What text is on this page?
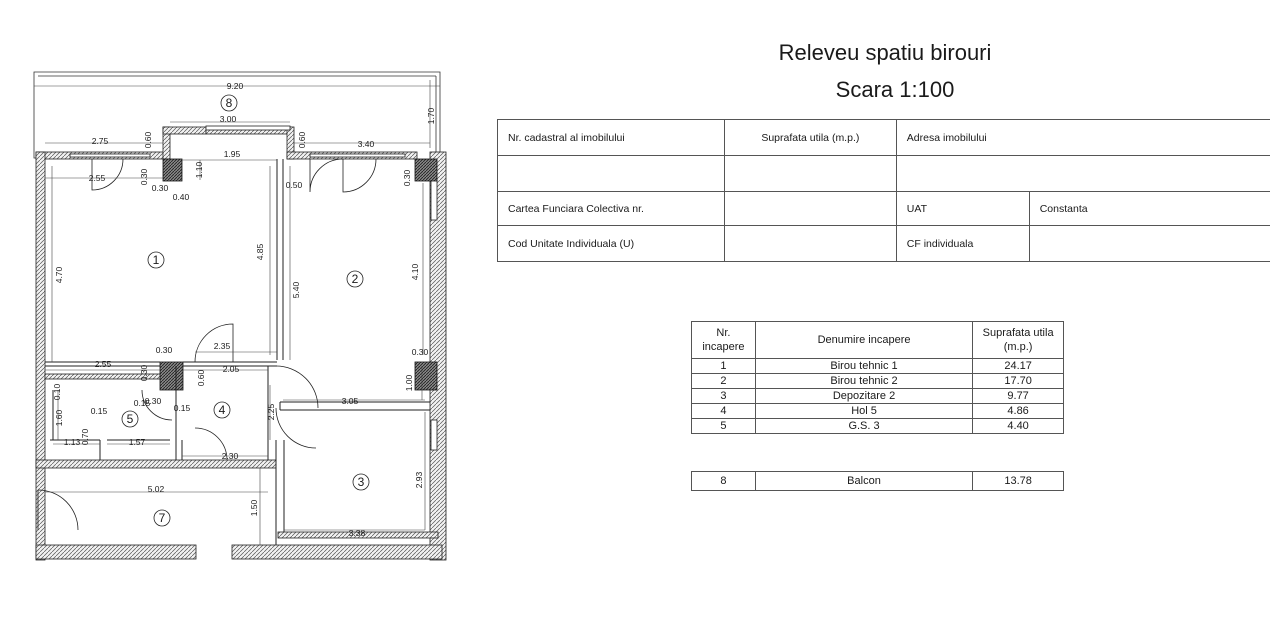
1
2
3
4
5
7
8
9.20
1.70
3.00
2.75	0.60	0.60	3.40
1.95
1.10
0.30
2.55
0.30
0.40
0.50	0.30
4.70
4.85
5.40
4.10
0.30	2.35
2.55
0.30	0.60
2.05
0.30
0.15
0.30
0.15
1.00
0.10
1.60
0.15
2.25
3.05
0.70
1.13	1.57
2.30
2.93
5.02
1.50
3.38
Releveu spatiu birouri
Scara 1:100
Nr. cadastral al imobilului	Suprafata utila (m.p.)	Adresa imobilului	

Cartea Funciara Colectiva nr.		UAT	Constanta
Cod Unitate Individuala (U)		CF individuala	
Nr.
incapere	Denumire incapere	Suprafata utila
(m.p.)
1	Birou tehnic 1	24.17
2	Birou tehnic 2	17.70
3	Depozitare 2	9.77
4	Hol 5	4.86
5	G.S. 3	4.40
8	Balcon	13.78
